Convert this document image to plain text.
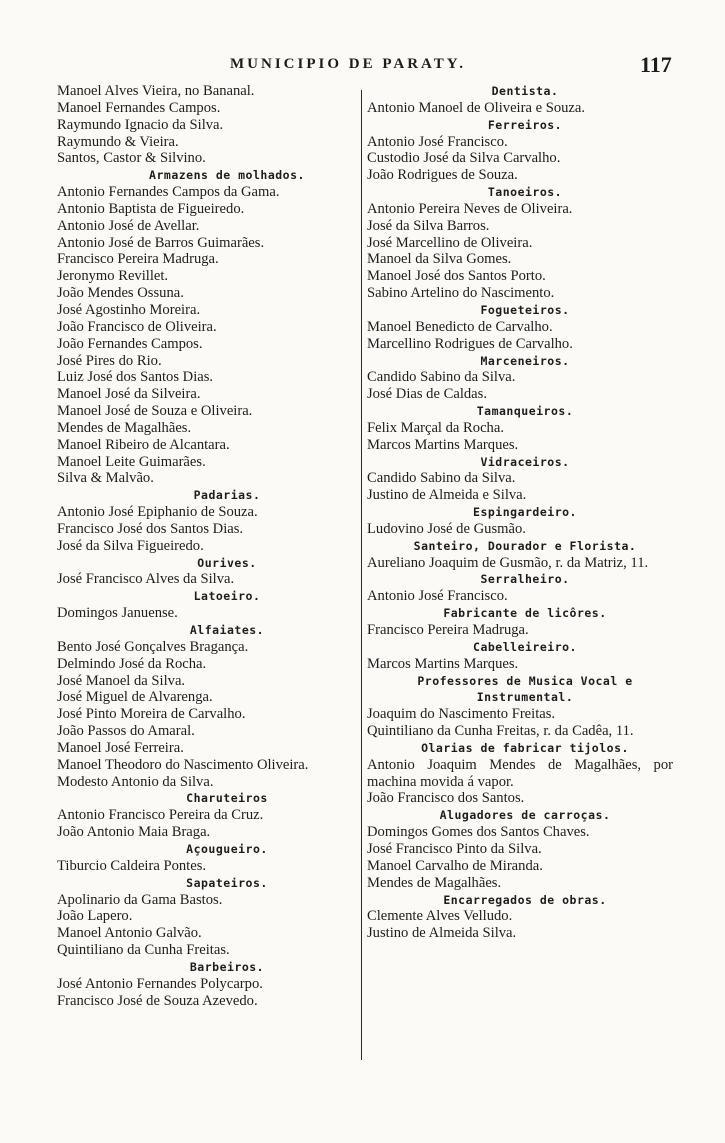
MUNICIPIO DE PARATY.	117
Manoel Alves Vieira, no Bananal.
Manoel Fernandes Campos.
Raymundo Ignacio da Silva.
Raymundo & Vieira.
Santos, Castor & Silvino.
Armazens de molhados.
Antonio Fernandes Campos da Gama.
Antonio Baptista de Figueiredo.
Antonio José de Avellar.
Antonio José de Barros Guimarães.
Francisco Pereira Madruga.
Jeronymo Revillet.
João Mendes Ossuna.
José Agostinho Moreira.
João Francisco de Oliveira.
João Fernandes Campos.
José Pires do Rio.
Luiz José dos Santos Dias.
Manoel José da Silveira.
Manoel José de Souza e Oliveira.
Mendes de Magalhães.
Manoel Ribeiro de Alcantara.
Manoel Leite Guimarães.
Silva & Malvão.
Padarias.
Antonio José Epiphanio de Souza.
Francisco José dos Santos Dias.
José da Silva Figueiredo.
Ourives.
José Francisco Alves da Silva.
Latoeiro.
Domingos Januense.
Alfaiates.
Bento José Gonçalves Bragança.
Delmindo José da Rocha.
José Manoel da Silva.
José Miguel de Alvarenga.
José Pinto Moreira de Carvalho.
João Passos do Amaral.
Manoel José Ferreira.
Manoel Theodoro do Nascimento Oliveira.
Modesto Antonio da Silva.
Charuteiros
Antonio Francisco Pereira da Cruz.
João Antonio Maia Braga.
Açougueiro.
Tiburcio Caldeira Pontes.
Sapateiros.
Apolinario da Gama Bastos.
João Lapero.
Manoel Antonio Galvão.
Quintiliano da Cunha Freitas.
Barbeiros.
José Antonio Fernandes Polycarpo.
Francisco José de Souza Azevedo.
Dentista.
Antonio Manoel de Oliveira e Souza.
Ferreiros.
Antonio José Francisco.
Custodio José da Silva Carvalho.
João Rodrigues de Souza.
Tanoeiros.
Antonio Pereira Neves de Oliveira.
José da Silva Barros.
José Marcellino de Oliveira.
Manoel da Silva Gomes.
Manoel José dos Santos Porto.
Sabino Artelino do Nascimento.
Fogueteiros.
Manoel Benedicto de Carvalho.
Marcellino Rodrigues de Carvalho.
Marceneiros.
Candido Sabino da Silva.
José Dias de Caldas.
Tamanqueiros.
Felix Marçal da Rocha.
Marcos Martins Marques.
Vidraceiros.
Candido Sabino da Silva.
Justino de Almeida e Silva.
Espingardeiro.
Ludovino José de Gusmão.
Santeiro, Dourador e Florista.
Aureliano Joaquim de Gusmão, r. da Matriz, 11.
Serralheiro.
Antonio José Francisco.
Fabricante de licôres.
Francisco Pereira Madruga.
Cabelleireiro.
Marcos Martins Marques.
Professores de Musica Vocal e Instrumental.
Joaquim do Nascimento Freitas.
Quintiliano da Cunha Freitas, r. da Cadêa, 11.
Olarias de fabricar tijolos.
Antonio Joaquim Mendes de Magalhães, por machina movida á vapor.
João Francisco dos Santos.
Alugadores de carroças.
Domingos Gomes dos Santos Chaves.
José Francisco Pinto da Silva.
Manoel Carvalho de Miranda.
Mendes de Magalhães.
Encarregados de obras.
Clemente Alves Velludo.
Justino de Almeida Silva.
